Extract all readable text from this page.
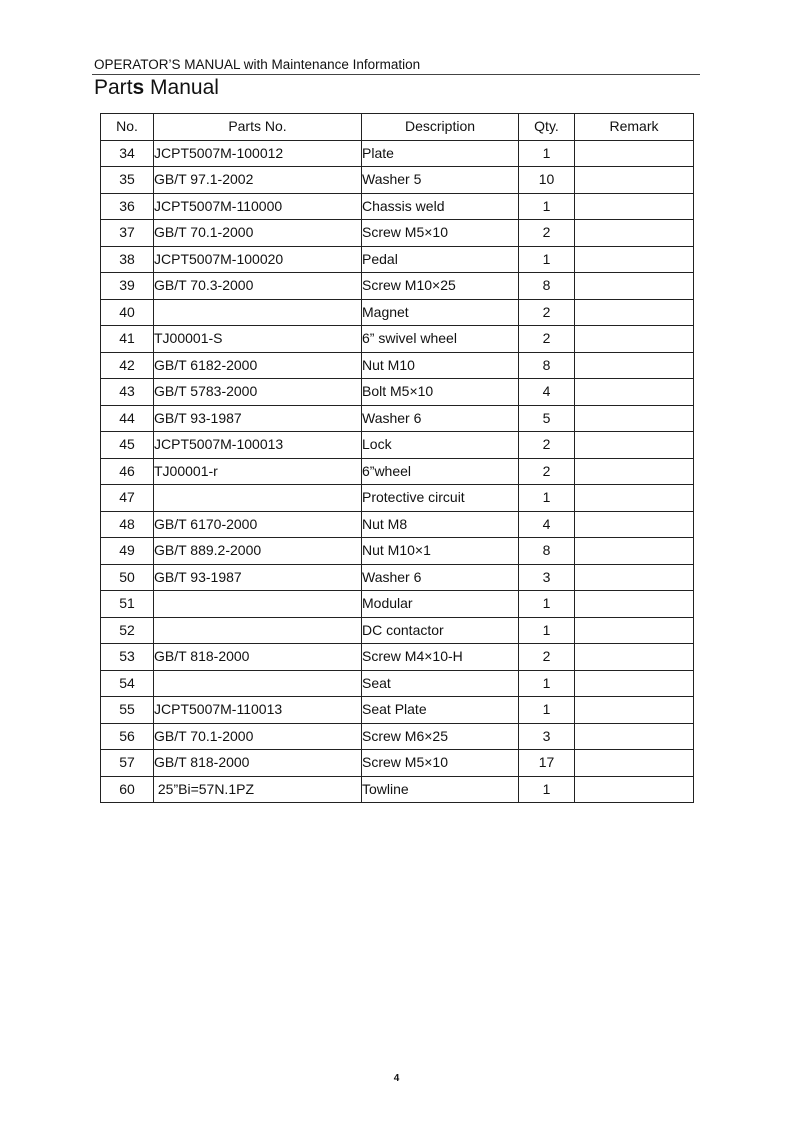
OPERATOR’S MANUAL with Maintenance Information
Parts Manual
No.	Parts No.	Description	Qty.	Remark
34	JCPT5007M-100012	Plate	1	
35	GB/T 97.1-2002	Washer 5	10	
36	JCPT5007M-110000	Chassis weld	1	
37	GB/T 70.1-2000	Screw M5×10	2	
38	JCPT5007M-100020	Pedal	1	
39	GB/T 70.3-2000	Screw M10×25	8	
40		Magnet	2	
41	TJ00001-S	6” swivel wheel	2	
42	GB/T 6182-2000	Nut M10	8	
43	GB/T 5783-2000	Bolt M5×10	4	
44	GB/T 93-1987	Washer 6	5	
45	JCPT5007M-100013	Lock	2	
46	TJ00001-r	6”wheel	2	
47		Protective circuit	1	
48	GB/T 6170-2000	Nut M8	4	
49	GB/T 889.2-2000	Nut M10×1	8	
50	GB/T 93-1987	Washer 6	3	
51		Modular	1	
52		DC contactor	1	
53	GB/T 818-2000	Screw M4×10-H	2	
54		Seat	1	
55	JCPT5007M-110013	Seat Plate	1	
56	GB/T 70.1-2000	Screw M6×25	3	
57	GB/T 818-2000	Screw M5×10	17	
60	25”Bi=57N.1PZ	Towline	1	
4
